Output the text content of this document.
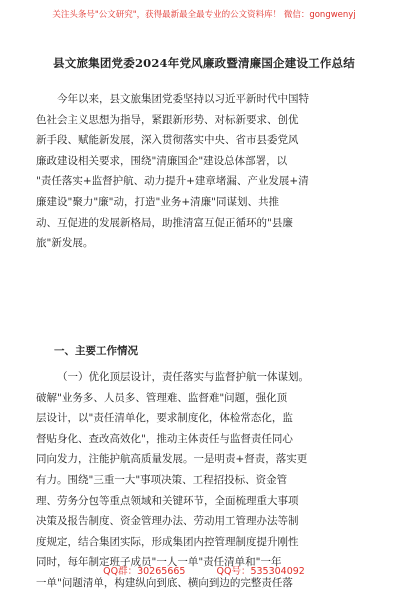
关注头条号"公文研究"，获得最新最全最专业的公文资料库！ 微信：gongwenyj
县文旅集团党委2024年党风廉政暨清廉国企建设工作总结
今年以来，县文旅集团党委坚持以习近平新时代中国特
色社会主义思想为指导，紧跟新形势、对标新要求、创优
新手段、赋能新发展，深入贯彻落实中央、省市县委党风
廉政建设相关要求，围绕"清廉国企"建设总体部署，以
"责任落实+监督护航、动力提升+建章堵漏、产业发展+清
廉建设"聚力"廉"动，打造"业务+清廉"同谋划、共推
动、互促进的发展新格局，助推清富互促正循环的"县廉
旅"新发展。
一、主要工作情况
（一）优化顶层设计，责任落实与监督护航一体谋划。
破解"业务多、人员多、管理难、监督难"问题，强化顶
层设计，以"责任清单化，要求制度化，体检常态化，监
督贴身化、查改高效化"，推动主体责任与监督责任同心
同向发力，注能护航高质量发展。一是明责+督责，落实更
有力。围绕"三重一大"事项决策、工程招投标、资金管
理、劳务分包等重点领域和关键环节，全面梳理重大事项
决策及报告制度、资金管理办法、劳动用工管理办法等制
度规定，结合集团实际，形成集团内控管理制度提升刚性
同时，每年制定班子成员"一人一单"责任清单和"一年
一单"问题清单，构建纵向到底、横向到边的完整责任落
QQ群：30265665	QQ号：535304092
